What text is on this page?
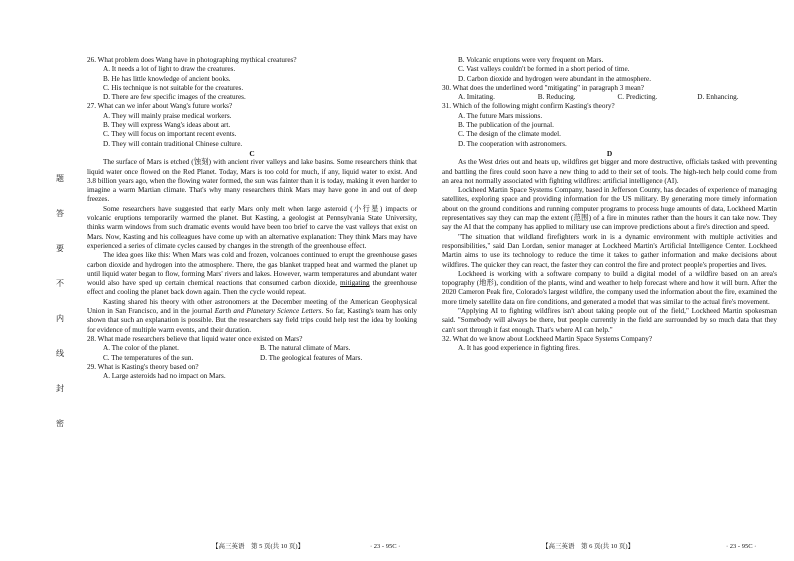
题
答
要
不
内
线
封
密

26. What problem does Wang have in photographing mythical creatures?

A. It needs a lot of light to draw the creatures.

B. He has little knowledge of ancient books.

C. His technique is not suitable for the creatures.

D. There are few specific images of the creatures.

27. What can we infer about Wang's future works?

A. They will mainly praise medical workers.

B. They will express Wang's ideas about art.

C. They will focus on important recent events.

D. They will contain traditional Chinese culture.

C

The surface of Mars is etched (蚀刻) with ancient river valleys and lake basins. Some researchers think that liquid water once flowed on the Red Planet. Today, Mars is too cold for much, if any, liquid water to exist. And 3.8 billion years ago, when the flowing water formed, the sun was fainter than it is today, making it even harder to imagine a warm Martian climate. That's why many researchers think Mars may have gone in and out of deep freezes.

Some researchers have suggested that early Mars only melt when large asteroid (小行星) impacts or volcanic eruptions temporarily warmed the planet. But Kasting, a geologist at Pennsylvania State University, thinks warm windows from such dramatic events would have been too brief to carve the vast valleys that exist on Mars. Now, Kasting and his colleagues have come up with an alternative explanation: They think Mars may have experienced a series of climate cycles caused by changes in the strength of the greenhouse effect.

The idea goes like this: When Mars was cold and frozen, volcanoes continued to erupt the greenhouse gases carbon dioxide and hydrogen into the atmosphere. There, the gas blanket trapped heat and warmed the planet up until liquid water began to flow, forming Mars' rivers and lakes. However, warm temperatures and abundant water would also have sped up certain chemical reactions that consumed carbon dioxide, mitigating the greenhouse effect and cooling the planet back down again. Then the cycle would repeat.

Kasting shared his theory with other astronomers at the December meeting of the American Geophysical Union in San Francisco, and in the journal Earth and Planetary Science Letters. So far, Kasting's team has only shown that such an explanation is possible. But the researchers say field trips could help test the idea by looking for evidence of multiple warm events, and their duration.

28. What made researchers believe that liquid water once existed on Mars?

A. The color of the planet.	B. The natural climate of Mars.
C. The temperatures of the sun.	D. The geological features of Mars.

29. What is Kasting's theory based on?

A. Large asteroids had no impact on Mars.

B. Volcanic eruptions were very frequent on Mars.

C. Vast valleys couldn't be formed in a short period of time.

D. Carbon dioxide and hydrogen were abundant in the atmosphere.

30. What does the underlined word "mitigating" in paragraph 3 mean?

A. Imitating.	B. Reducing.	C. Predicting.	D. Enhancing.

31. Which of the following might confirm Kasting's theory?

A. The future Mars missions.

B. The publication of the journal.

C. The design of the climate model.

D. The cooperation with astronomers.

D

As the West dries out and heats up, wildfires get bigger and more destructive, officials tasked with preventing and battling the fires could soon have a new thing to add to their set of tools. The high-tech help could come from an area not normally associated with fighting wildfires: artificial intelligence (AI).

Lockheed Martin Space Systems Company, based in Jefferson County, has decades of experience of managing satellites, exploring space and providing information for the US military. By generating more timely information about on the ground conditions and running computer programs to process huge amounts of data, Lockheed Martin representatives say they can map the extent (范围) of a fire in minutes rather than the hours it can take now. They say the AI that the company has applied to military use can improve predictions about a fire's direction and speed.

"The situation that wildland firefighters work in is a dynamic environment with multiple activities and responsibilities," said Dan Lordan, senior manager at Lockheed Martin's Artificial Intelligence Center. Lockheed Martin aims to use its technology to reduce the time it takes to gather information and make decisions about wildfires. The quicker they can react, the faster they can control the fire and protect people's properties and lives.

Lockheed is working with a software company to build a digital model of a wildfire based on an area's topography (地形), condition of the plants, wind and weather to help forecast where and how it will burn. After the 2020 Cameron Peak fire, Colorado's largest wildfire, the company used the information about the fire, examined the more timely satellite data on fire conditions, and generated a model that was similar to the actual fire's movement.

"Applying AI to fighting wildfires isn't about taking people out of the field," Lockheed Martin spokesman said. "Somebody will always be there, but people currently in the field are surrounded by so much data that they can't sort through it fast enough. That's where AI can help."

32. What do we know about Lockheed Martin Space Systems Company?

A. It has good experience in fighting fires.

【高三英语　第 5 页(共 10 页)】	· 23 - 95C ·	【高三英语　第 6 页(共 10 页)】	· 23 - 95C ·
